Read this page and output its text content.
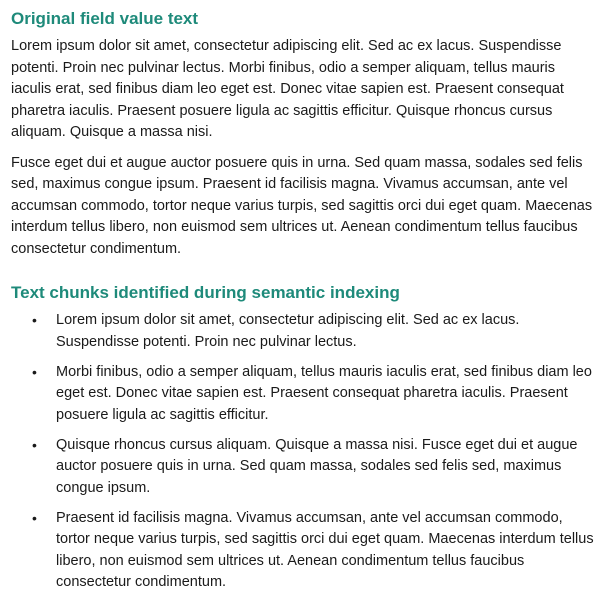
Original field value text

Lorem ipsum dolor sit amet, consectetur adipiscing elit. Sed ac ex lacus. Suspendisse potenti. Proin nec pulvinar lectus. Morbi finibus, odio a semper aliquam, tellus mauris iaculis erat, sed finibus diam leo eget est. Donec vitae sapien est. Praesent consequat pharetra iaculis. Praesent posuere ligula ac sagittis efficitur. Quisque rhoncus cursus aliquam. Quisque a massa nisi.

Fusce eget dui et augue auctor posuere quis in urna. Sed quam massa, sodales sed felis sed, maximus congue ipsum. Praesent id facilisis magna. Vivamus accumsan, ante vel accumsan commodo, tortor neque varius turpis, sed sagittis orci dui eget quam. Maecenas interdum tellus libero, non euismod sem ultrices ut. Aenean condimentum tellus faucibus consectetur condimentum.

Text chunks identified during semantic indexing
• Lorem ipsum dolor sit amet, consectetur adipiscing elit. Sed ac ex lacus. Suspendisse potenti. Proin nec pulvinar lectus.
• Morbi finibus, odio a semper aliquam, tellus mauris iaculis erat, sed finibus diam leo eget est. Donec vitae sapien est. Praesent consequat pharetra iaculis. Praesent posuere ligula ac sagittis efficitur.
• Quisque rhoncus cursus aliquam. Quisque a massa nisi. Fusce eget dui et augue auctor posuere quis in urna. Sed quam massa, sodales sed felis sed, maximus congue ipsum.
• Praesent id facilisis magna. Vivamus accumsan, ante vel accumsan commodo, tortor neque varius turpis, sed sagittis orci dui eget quam. Maecenas interdum tellus libero, non euismod sem ultrices ut. Aenean condimentum tellus faucibus consectetur condimentum.
